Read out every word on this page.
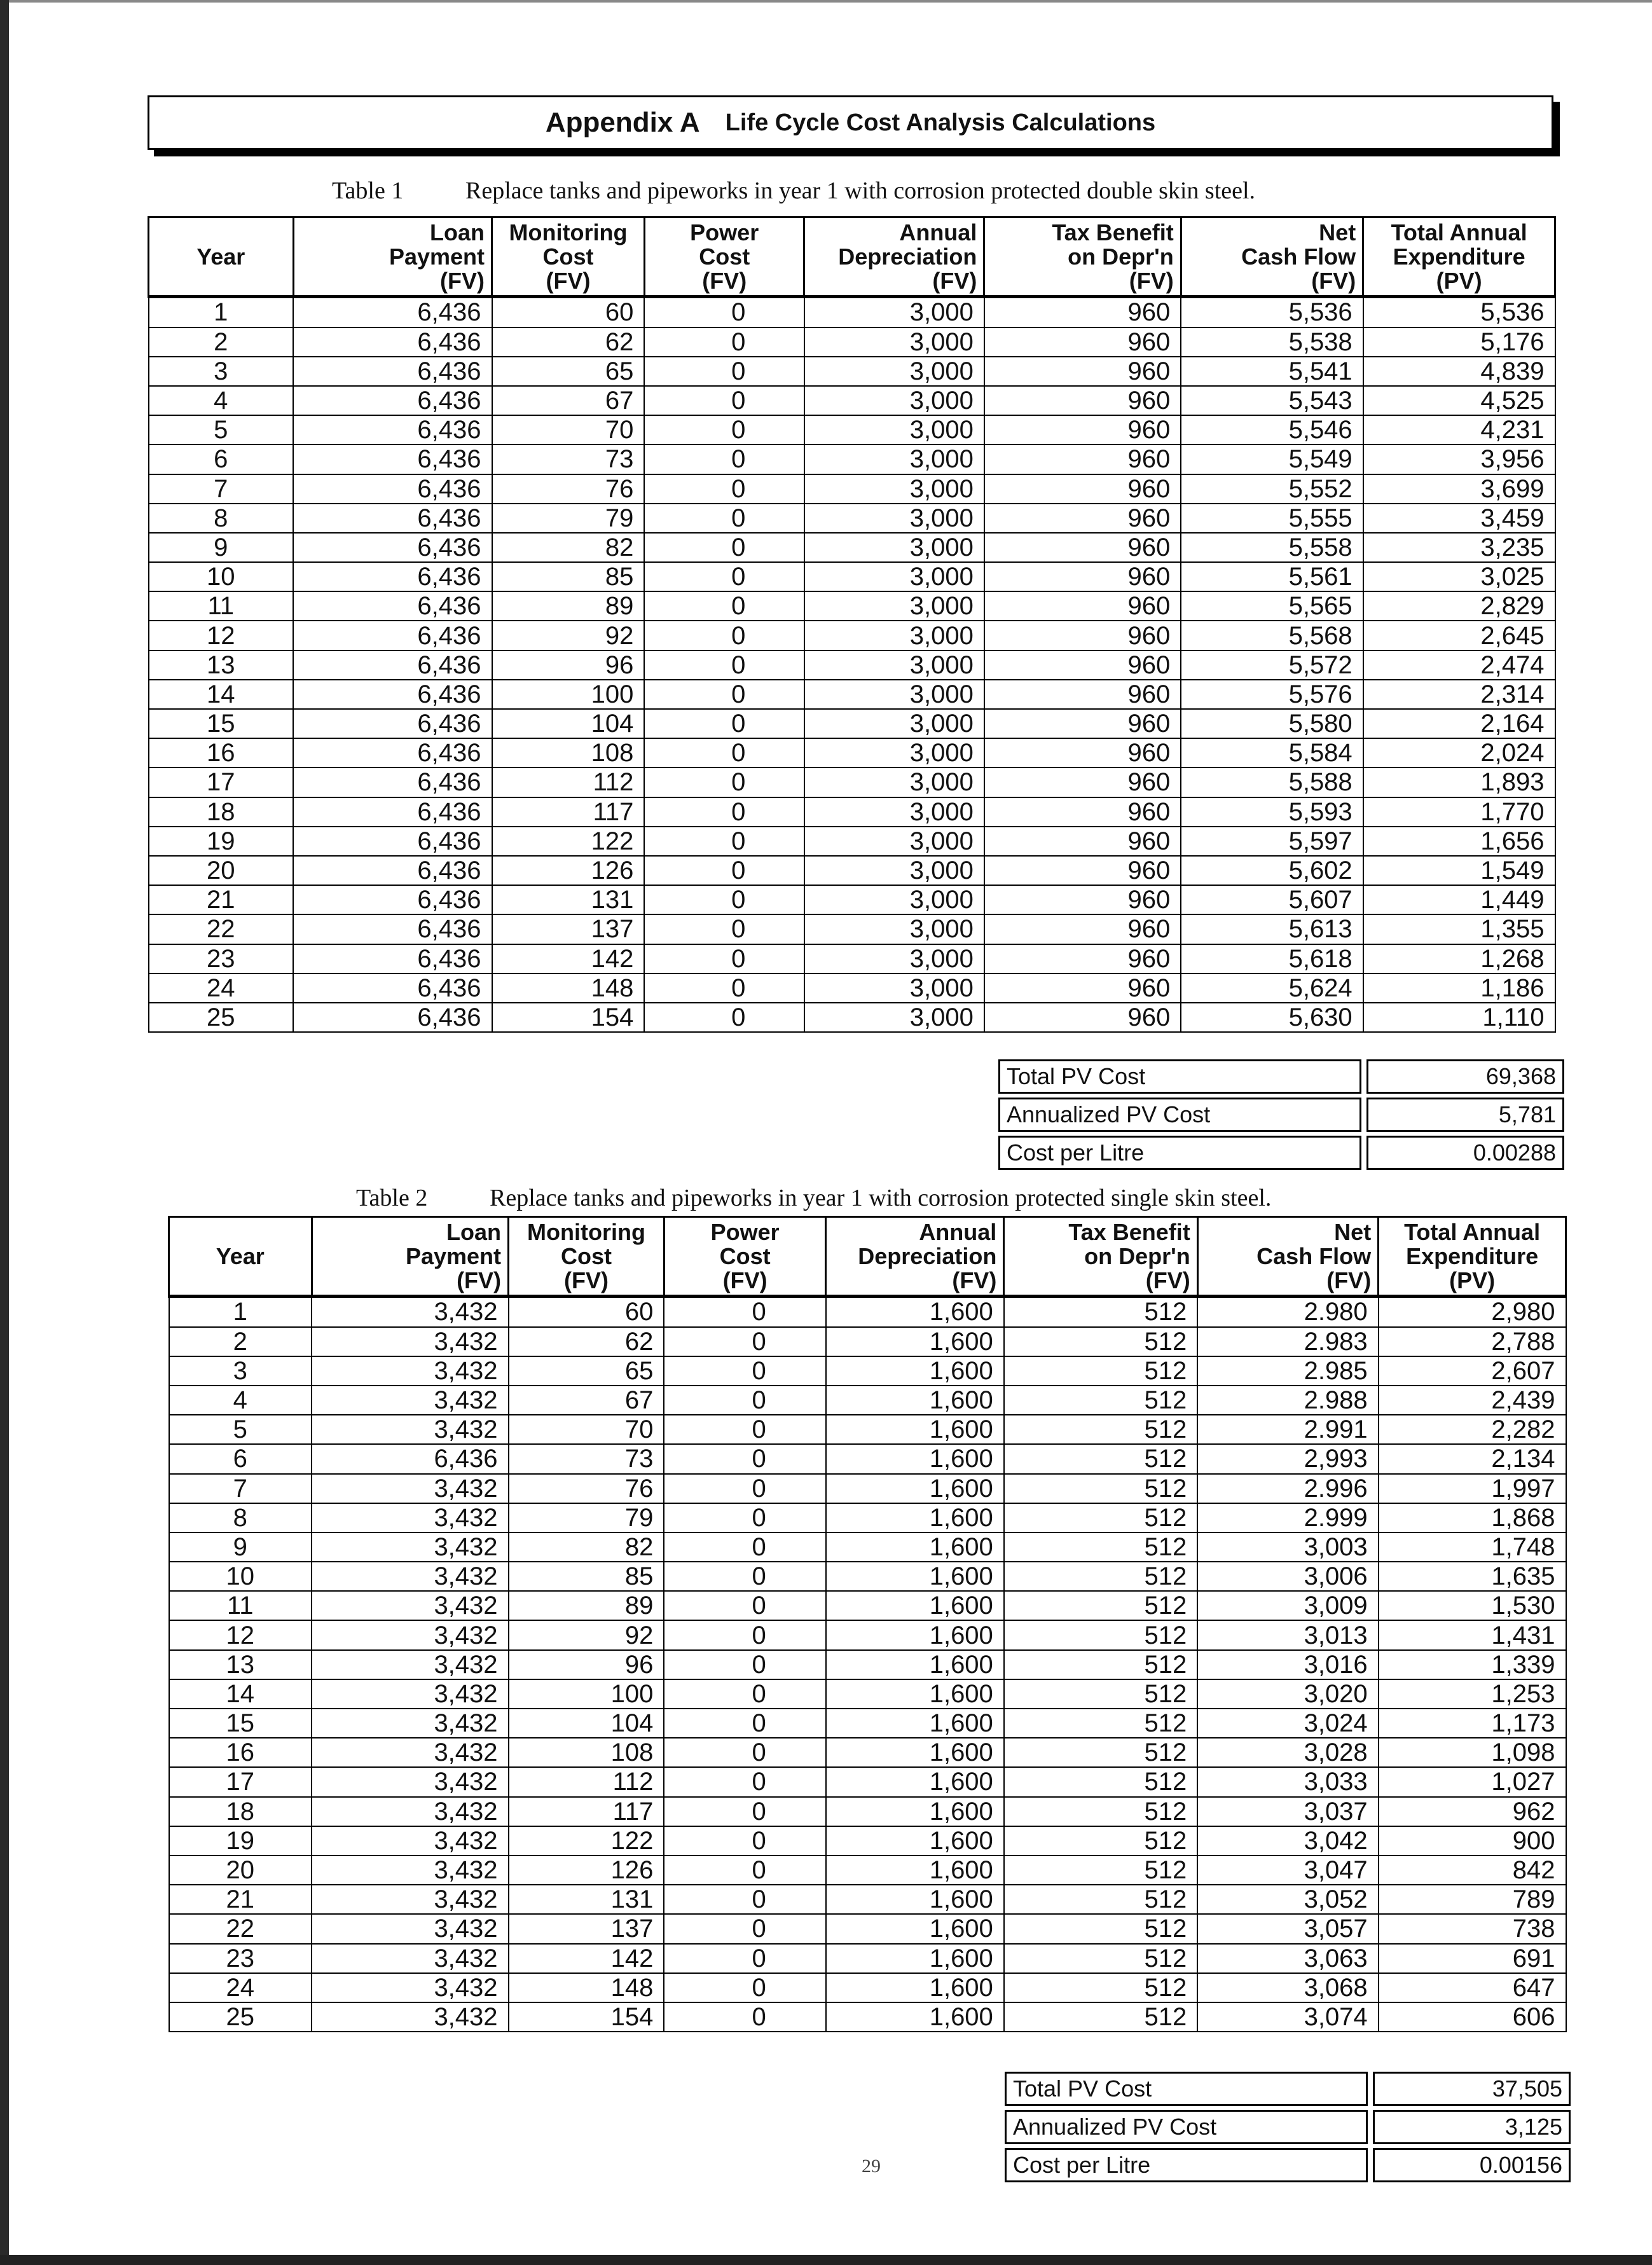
Appendix A Life Cycle Cost Analysis Calculations
Table 1	Replace tanks and pipeworks in year 1 with corrosion protected double skin steel.
Year	Loan
Payment
(FV)	Monitoring
Cost
(FV)	Power
Cost
(FV)	Annual
Depreciation
(FV)	Tax Benefit
on Depr'n
(FV)	Net
Cash Flow
(FV)	Total Annual
Expenditure
(PV)
1	6,436	60	0	3,000	960	5,536	5,536
2	6,436	62	0	3,000	960	5,538	5,176
3	6,436	65	0	3,000	960	5,541	4,839
4	6,436	67	0	3,000	960	5,543	4,525
5	6,436	70	0	3,000	960	5,546	4,231
6	6,436	73	0	3,000	960	5,549	3,956
7	6,436	76	0	3,000	960	5,552	3,699
8	6,436	79	0	3,000	960	5,555	3,459
9	6,436	82	0	3,000	960	5,558	3,235
10	6,436	85	0	3,000	960	5,561	3,025
11	6,436	89	0	3,000	960	5,565	2,829
12	6,436	92	0	3,000	960	5,568	2,645
13	6,436	96	0	3,000	960	5,572	2,474
14	6,436	100	0	3,000	960	5,576	2,314
15	6,436	104	0	3,000	960	5,580	2,164
16	6,436	108	0	3,000	960	5,584	2,024
17	6,436	112	0	3,000	960	5,588	1,893
18	6,436	117	0	3,000	960	5,593	1,770
19	6,436	122	0	3,000	960	5,597	1,656
20	6,436	126	0	3,000	960	5,602	1,549
21	6,436	131	0	3,000	960	5,607	1,449
22	6,436	137	0	3,000	960	5,613	1,355
23	6,436	142	0	3,000	960	5,618	1,268
24	6,436	148	0	3,000	960	5,624	1,186
25	6,436	154	0	3,000	960	5,630	1,110
Total PV Cost		69,368
Annualized PV Cost		5,781
Cost per Litre		0.00288
Table 2	Replace tanks and pipeworks in year 1 with corrosion protected single skin steel.
Year	Loan
Payment
(FV)	Monitoring
Cost
(FV)	Power
Cost
(FV)	Annual
Depreciation
(FV)	Tax Benefit
on Depr'n
(FV)	Net
Cash Flow
(FV)	Total Annual
Expenditure
(PV)
1	3,432	60	0	1,600	512	2.980	2,980
2	3,432	62	0	1,600	512	2.983	2,788
3	3,432	65	0	1,600	512	2.985	2,607
4	3,432	67	0	1,600	512	2.988	2,439
5	3,432	70	0	1,600	512	2.991	2,282
6	6,436	73	0	1,600	512	2,993	2,134
7	3,432	76	0	1,600	512	2.996	1,997
8	3,432	79	0	1,600	512	2.999	1,868
9	3,432	82	0	1,600	512	3,003	1,748
10	3,432	85	0	1,600	512	3,006	1,635
11	3,432	89	0	1,600	512	3,009	1,530
12	3,432	92	0	1,600	512	3,013	1,431
13	3,432	96	0	1,600	512	3,016	1,339
14	3,432	100	0	1,600	512	3,020	1,253
15	3,432	104	0	1,600	512	3,024	1,173
16	3,432	108	0	1,600	512	3,028	1,098
17	3,432	112	0	1,600	512	3,033	1,027
18	3,432	117	0	1,600	512	3,037	962
19	3,432	122	0	1,600	512	3,042	900
20	3,432	126	0	1,600	512	3,047	842
21	3,432	131	0	1,600	512	3,052	789
22	3,432	137	0	1,600	512	3,057	738
23	3,432	142	0	1,600	512	3,063	691
24	3,432	148	0	1,600	512	3,068	647
25	3,432	154	0	1,600	512	3,074	606
Total PV Cost		37,505
Annualized PV Cost		3,125
Cost per Litre		0.00156
29
